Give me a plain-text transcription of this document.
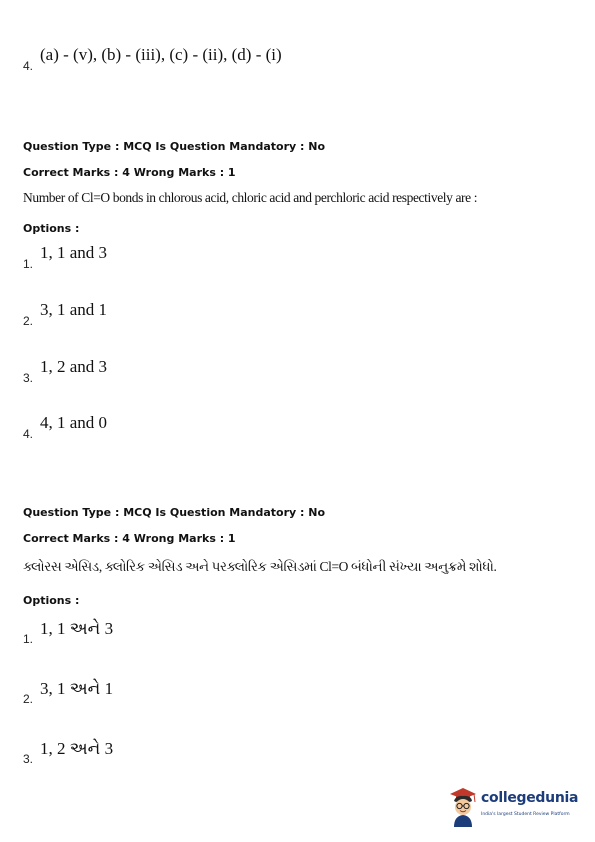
4.
(a) - (v), (b) - (iii), (c) - (ii), (d) - (i)
Question Type : MCQ Is Question Mandatory : No
Correct Marks : 4 Wrong Marks : 1
Number of Cl=O bonds in chlorous acid, chloric acid and perchloric acid respectively are :
Options :
1.
1, 1 and 3
2.
3, 1 and 1
3.
1, 2 and 3
4.
4, 1 and 0
Question Type : MCQ Is Question Mandatory : No
Correct Marks : 4 Wrong Marks : 1
ક્લોરસ એસિડ, ક્લોરિક એસિડ અને પરક્લોરિક એસિડમાં Cl=O બંધોની સંખ્યા અનુક્રમે શોધો.
Options :
1.
1, 1 અને 3
2.
3, 1 અને 1
3.
1, 2 અને 3
collegedunia
India's largest Student Review Platform
